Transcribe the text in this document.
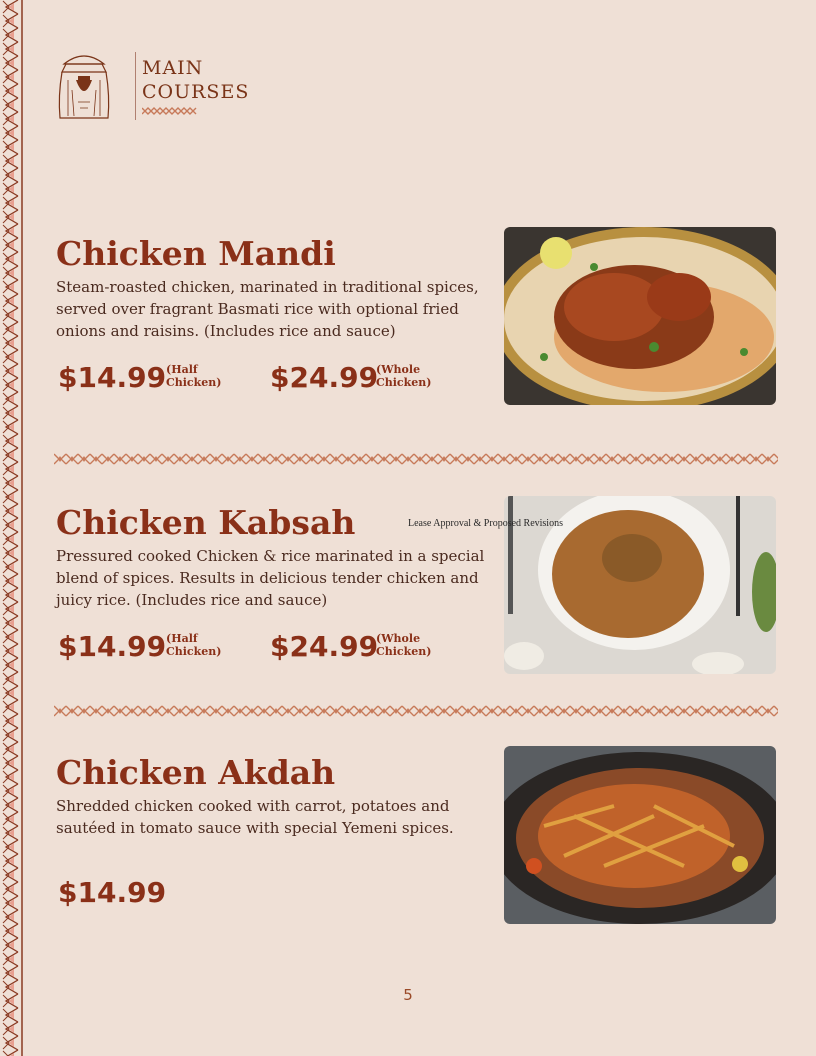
MAIN
COURSES
Chicken Mandi
Steam-roasted chicken, marinated in traditional spices, served over fragrant Basmati rice with optional fried onions and raisins. (Includes rice and sauce)
$14.99 (Half
Chicken) $24.99
(Whole
Chicken)
Chicken Kabsah
Pressured cooked Chicken & rice marinated in a special blend of spices. Results in delicious tender chicken and juicy rice. (Includes rice and sauce)
$14.99 (Half
Chicken) $24.99
(Whole
Chicken)
Lease Approval & Proposed Revisions
Chicken Akdah
Shredded chicken cooked with carrot, potatoes and sautéed in tomato sauce with special Yemeni spices.
$14.99
5
